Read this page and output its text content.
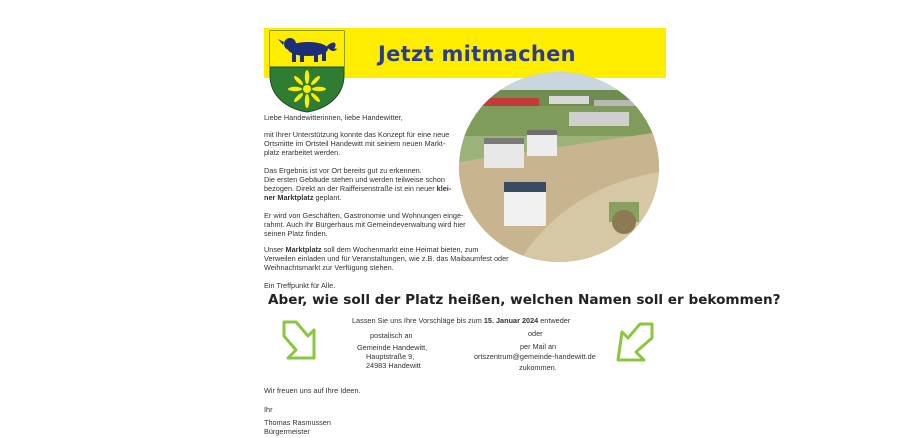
Jetzt mitmachen
Liebe Handewitterinnen, liebe Handewitter,
mit Ihrer Unterstützung konnte das Konzept für eine neue
Ortsmitte im Ortsteil Handewitt mit seinem neuen Markt-
platz erarbeitet werden.
Das Ergebnis ist vor Ort bereits gut zu erkennen.
Die ersten Gebäude stehen und werden teilweise schon
bezogen. Direkt an der Raiffeisenstraße ist ein neuer klei-
ner Marktplatz geplant.
Er wird von Geschäften, Gastronomie und Wohnungen einge-
rahmt. Auch Ihr Bürgerhaus mit Gemeindeverwaltung wird hier
seinen Platz finden.
Unser Marktplatz soll dem Wochenmarkt eine Heimat bieten, zum
Verweilen einladen und für Veranstaltungen, wie z.B. das Maibaumfest oder
Weihnachtsmarkt zur Verfügung stehen.
Ein Treffpunkt für Alle.
Aber, wie soll der Platz heißen, welchen Namen soll er bekommen?
Lassen Sie uns Ihre Vorschläge bis zum 15. Januar 2024 entweder
postalisch an
Gemeinde Handewitt,
Hauptstraße 9,
24983 Handewitt
oder
per Mail an
ortszentrum@gemeinde-handewitt.de
zukommen.
Wir freuen uns auf Ihre Ideen.
Ihr
Thomas Rasmussen
Bürgermeister
